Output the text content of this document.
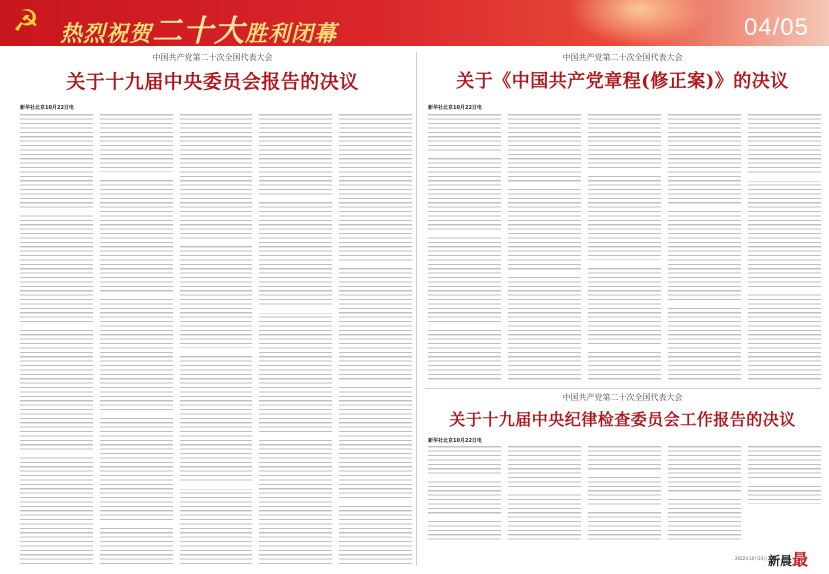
☭ 热烈祝贺二十大胜利闭幕	04/05
中国共产党第二十次全国代表大会
关于十九届中央委员会报告的决议
新华社北京10月22日电
中国共产党第二十次全国代表大会
关于《中国共产党章程(修正案)》的决议
新华社北京10月22日电
中国共产党第二十次全国代表大会
关于十九届中央纪律检查委员会工作报告的决议
新华社北京10月22日电
2022年10月23日 星期日
新晨最
